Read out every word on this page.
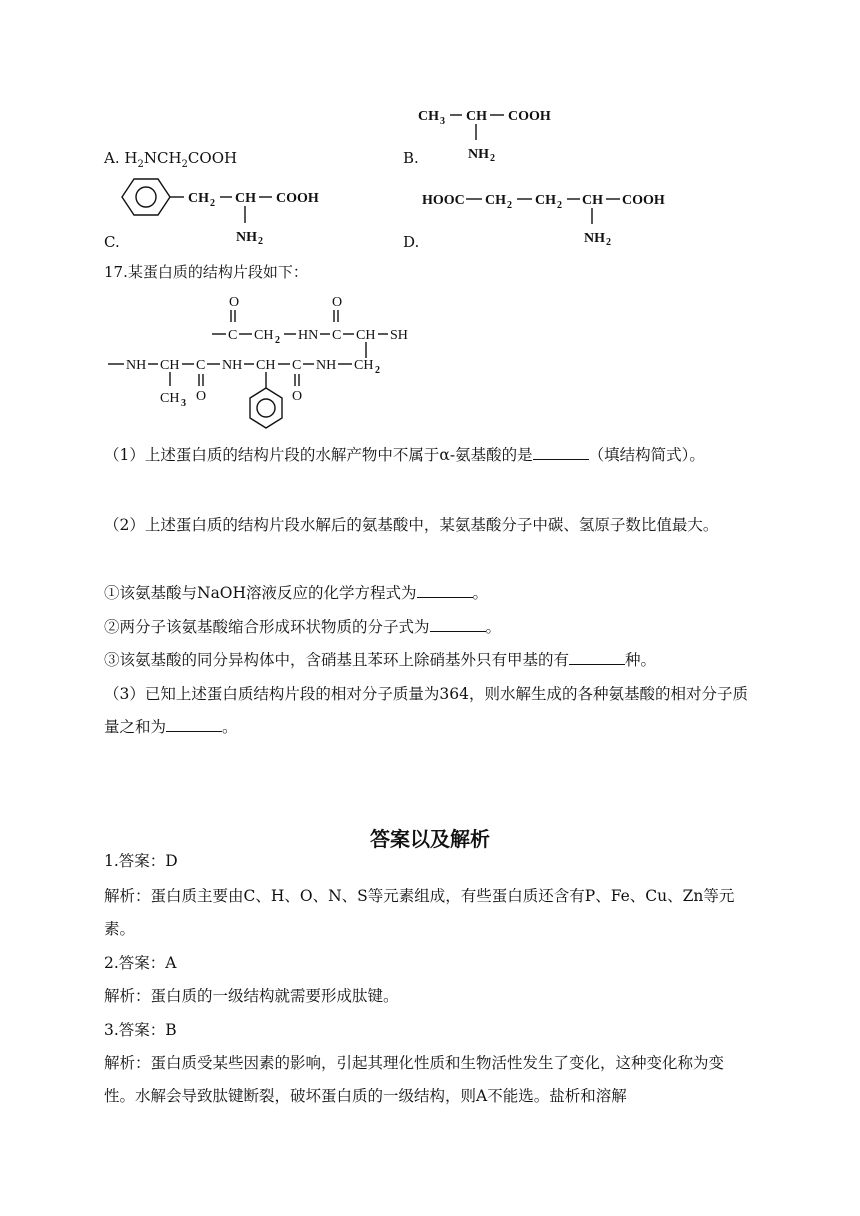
CH 3 CH COOH
NH 2
A. $H_2NCH_2COOH$	B.
CH 2 CH COOH
NH 2
HOOC CH 2 CH 2 CH COOH
NH 2
C.	D.
17.某蛋白质的结构片段如下：
O
C CH 2 HN
O
C CH SH
NH CH C
O
NH CH C
O
NH CH 2
CH 3
（1）上述蛋白质的结构片段的水解产物中不属于α-氨基酸的是	（填结构简式）。
（2）上述蛋白质的结构片段水解后的氨基酸中，某氨基酸分子中碳、氢原子数比值最大。
①该氨基酸与NaOH溶液反应的化学方程式为	。
②两分子该氨基酸缩合形成环状物质的分子式为	。
③该氨基酸的同分异构体中，含硝基且苯环上除硝基外只有甲基的有	种。
（3）已知上述蛋白质结构片段的相对分子质量为364，则水解生成的各种氨基酸的相对分子质量之和为	。
答案以及解析
1.答案：D
解析：蛋白质主要由C、H、O、N、S等元素组成，有些蛋白质还含有P、Fe、Cu、Zn等元素。
2.答案：A
解析：蛋白质的一级结构就需要形成肽键。
3.答案：B
解析：蛋白质受某些因素的影响，引起其理化性质和生物活性发生了变化，这种变化称为变性。水解会导致肽键断裂，破坏蛋白质的一级结构，则A不能选。盐析和溶解
